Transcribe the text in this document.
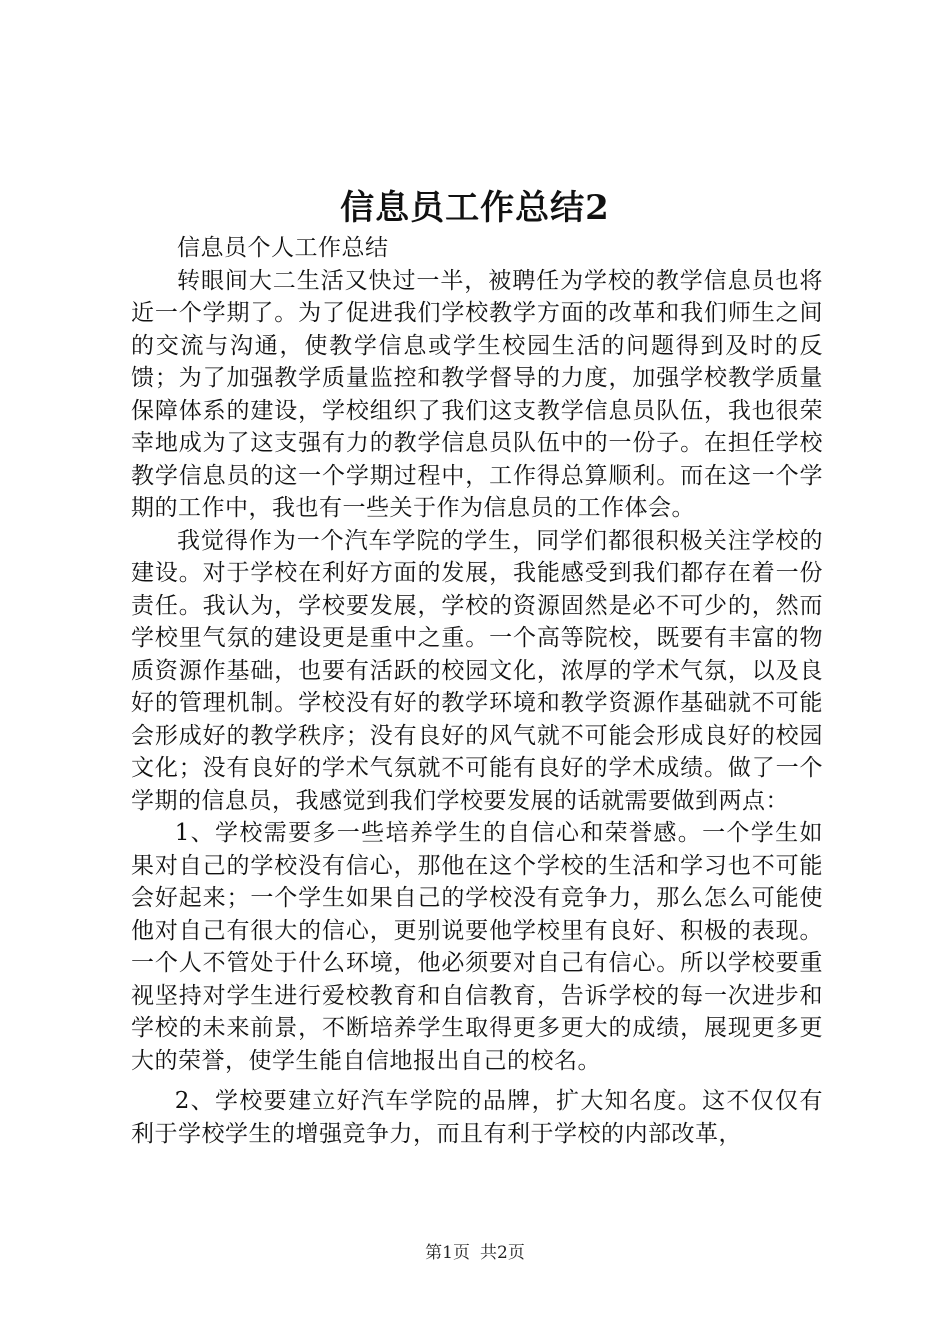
信息员工作总结2

信息员个人工作总结

转眼间大二生活又快过一半，被聘任为学校的教学信息员也将近一个学期了。为了促进我们学校教学方面的改革和我们师生之间的交流与沟通，使教学信息或学生校园生活的问题得到及时的反馈；为了加强教学质量监控和教学督导的力度，加强学校教学质量保障体系的建设，学校组织了我们这支教学信息员队伍，我也很荣幸地成为了这支强有力的教学信息员队伍中的一份子。在担任学校教学信息员的这一个学期过程中，工作得总算顺利。而在这一个学期的工作中，我也有一些关于作为信息员的工作体会。

我觉得作为一个汽车学院的学生，同学们都很积极关注学校的建设。对于学校在利好方面的发展，我能感受到我们都存在着一份责任。我认为，学校要发展，学校的资源固然是必不可少的，然而学校里气氛的建设更是重中之重。一个高等院校，既要有丰富的物质资源作基础，也要有活跃的校园文化，浓厚的学术气氛，以及良好的管理机制。学校没有好的教学环境和教学资源作基础就不可能会形成好的教学秩序；没有良好的风气就不可能会形成良好的校园文化；没有良好的学术气氛就不可能有良好的学术成绩。做了一个学期的信息员，我感觉到我们学校要发展的话就需要做到两点：

1、学校需要多一些培养学生的自信心和荣誉感。一个学生如果对自己的学校没有信心，那他在这个学校的生活和学习也不可能会好起来；一个学生如果自己的学校没有竞争力，那么怎么可能使他对自己有很大的信心，更别说要他学校里有良好、积极的表现。一个人不管处于什么环境，他必须要对自己有信心。所以学校要重视坚持对学生进行爱校教育和自信教育，告诉学校的每一次进步和学校的未来前景，不断培养学生取得更多更大的成绩，展现更多更大的荣誉，使学生能自信地报出自己的校名。

2、学校要建立好汽车学院的品牌，扩大知名度。这不仅仅有利于学校学生的增强竞争力，而且有利于学校的内部改革，

第1页 共2页
